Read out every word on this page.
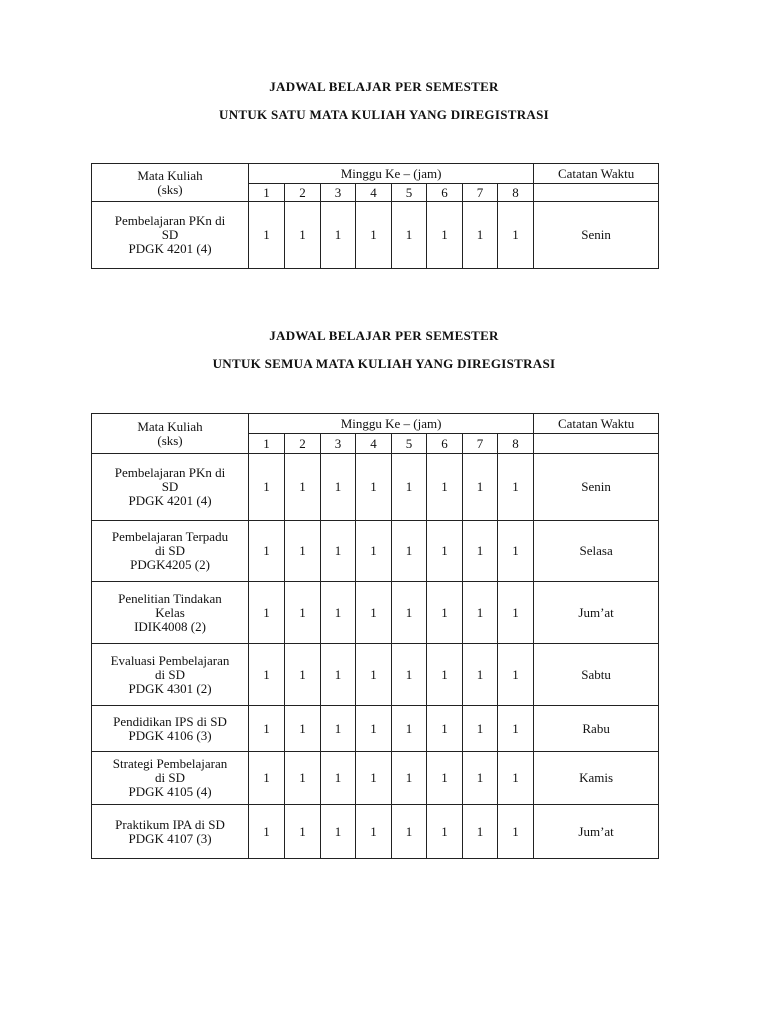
JADWAL BELAJAR PER SEMESTER
UNTUK SATU MATA KULIAH YANG DIREGISTRASI
Mata Kuliah
(sks)	Minggu Ke – (jam)								Catatan Waktu
	1	2	3	4	5	6	7	8	

Pembelajaran PKn di
SD
PDGK 4201 (4)	1	1	1	1	1	1	1	1	Senin
JADWAL BELAJAR PER SEMESTER
UNTUK SEMUA MATA KULIAH YANG DIREGISTRASI
Mata Kuliah
(sks)	Minggu Ke – (jam)								Catatan Waktu
	1	2	3	4	5	6	7	8	

Pembelajaran PKn di
SD
PDGK 4201 (4)	1	1	1	1	1	1	1	1	Senin

Pembelajaran Terpadu
di SD
PDGK4205 (2)	1	1	1	1	1	1	1	1	Selasa

Penelitian Tindakan
Kelas
IDIK4008 (2)	1	1	1	1	1	1	1	1	Jum’at

Evaluasi Pembelajaran
di SD
PDGK 4301 (2)	1	1	1	1	1	1	1	1	Sabtu

Pendidikan IPS di SD
PDGK 4106 (3)	1	1	1	1	1	1	1	1	Rabu

Strategi Pembelajaran
di SD
PDGK 4105 (4)	1	1	1	1	1	1	1	1	Kamis

Praktikum IPA di SD
PDGK 4107 (3)	1	1	1	1	1	1	1	1	Jum’at
